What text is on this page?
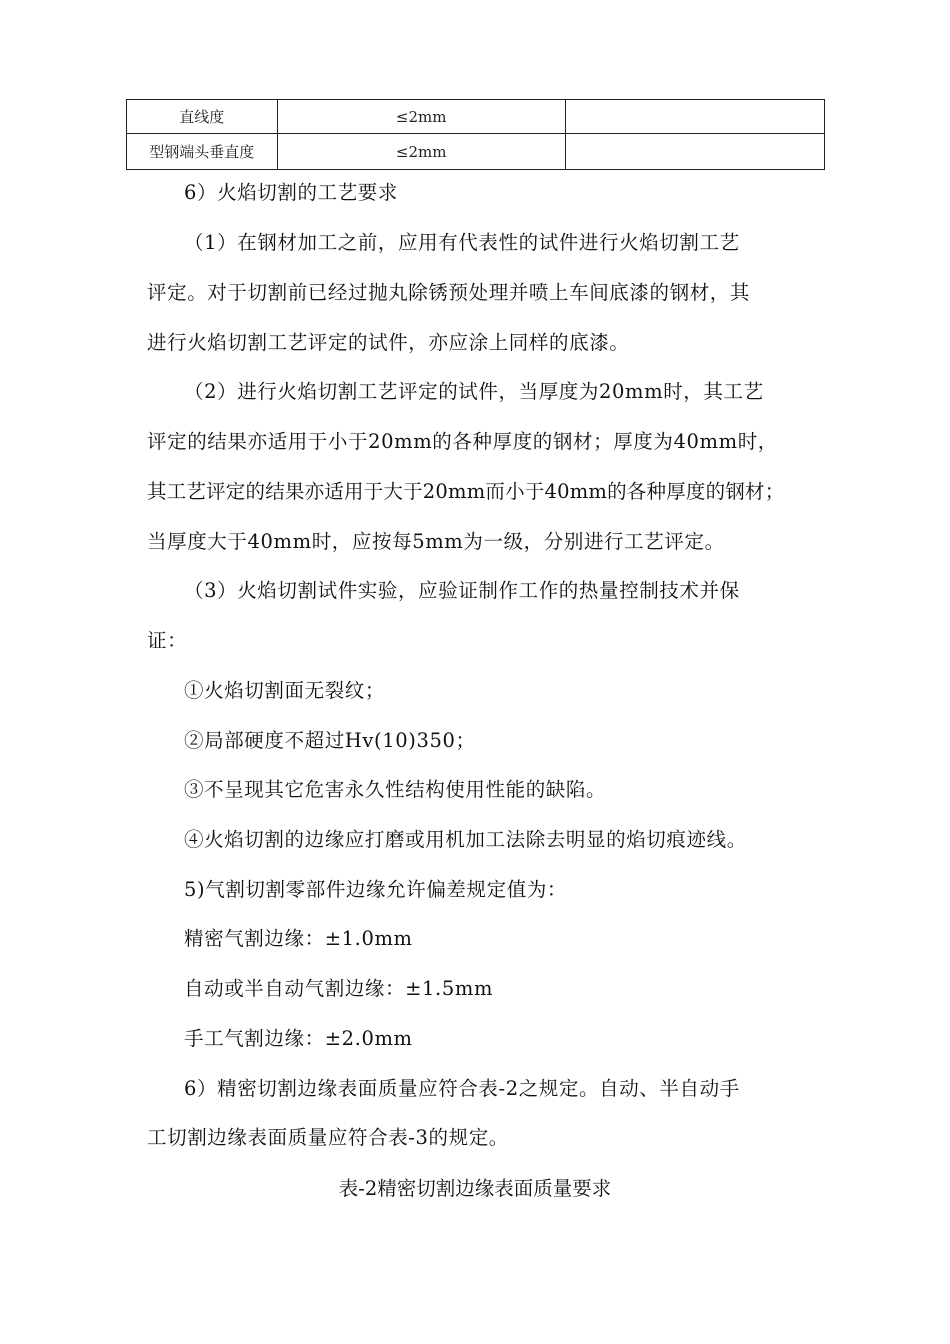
直线度	≤2mm	
型钢端头垂直度	≤2mm	
6）火焰切割的工艺要求
（1）在钢材加工之前，应用有代表性的试件进行火焰切割工艺
评定。对于切割前已经过抛丸除锈预处理并喷上车间底漆的钢材，其
进行火焰切割工艺评定的试件，亦应涂上同样的底漆。
（2）进行火焰切割工艺评定的试件，当厚度为20mm时，其工艺
评定的结果亦适用于小于20mm的各种厚度的钢材；厚度为40mm时，
其工艺评定的结果亦适用于大于20mm而小于40mm的各种厚度的钢材；
当厚度大于40mm时，应按每5mm为一级，分别进行工艺评定。
（3）火焰切割试件实验，应验证制作工作的热量控制技术并保
证：
①火焰切割面无裂纹；
②局部硬度不超过Hv(10)350；
③不呈现其它危害永久性结构使用性能的缺陷。
④火焰切割的边缘应打磨或用机加工法除去明显的焰切痕迹线。
5)气割切割零部件边缘允许偏差规定值为：
精密气割边缘：±1.0mm
自动或半自动气割边缘：±1.5mm
手工气割边缘：±2.0mm
6）精密切割边缘表面质量应符合表-2之规定。自动、半自动手
工切割边缘表面质量应符合表-3的规定。
表-2精密切割边缘表面质量要求
